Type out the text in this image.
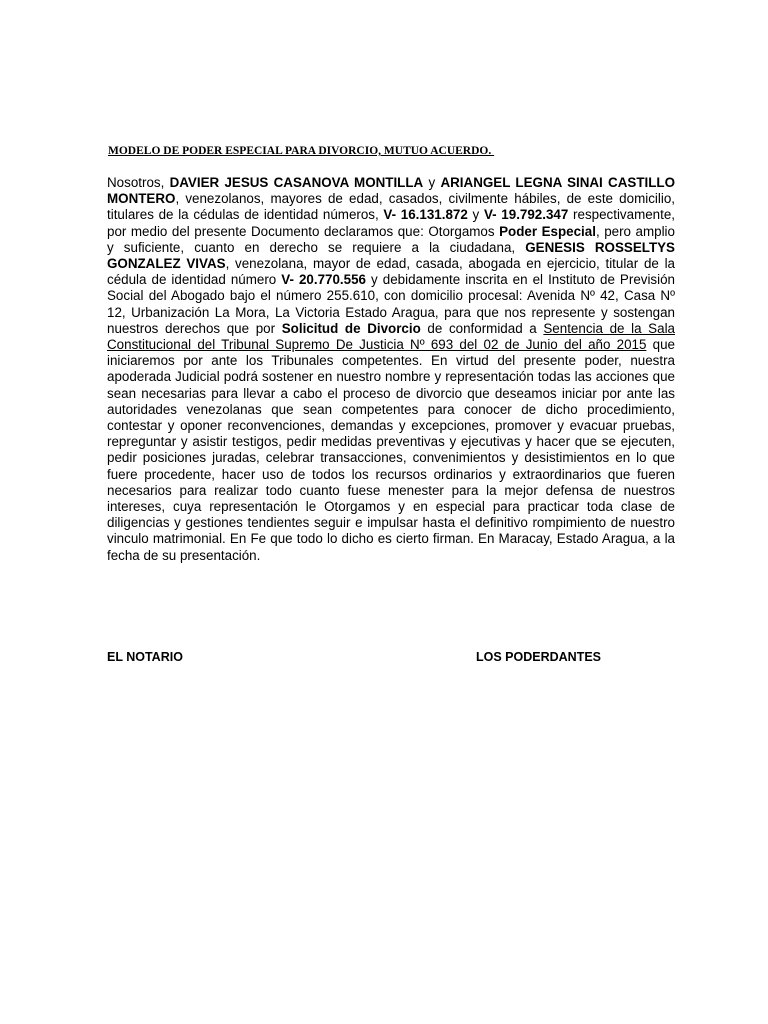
MODELO DE PODER ESPECIAL PARA DIVORCIO, MUTUO ACUERDO.

Nosotros, DAVIER JESUS CASANOVA MONTILLA y ARIANGEL LEGNA SINAI CASTILLO MONTERO, venezolanos, mayores de edad, casados, civilmente hábiles, de este domicilio, titulares de la cédulas de identidad números, V- 16.131.872 y V- 19.792.347 respectivamente, por medio del presente Documento declaramos que: Otorgamos Poder Especial, pero amplio y suficiente, cuanto en derecho se requiere a la ciudadana, GENESIS ROSSELTYS GONZALEZ VIVAS, venezolana, mayor de edad, casada, abogada en ejercicio, titular de la cédula de identidad número V- 20.770.556 y debidamente inscrita en el Instituto de Previsión Social del Abogado bajo el número 255.610, con domicilio procesal: Avenida Nº 42, Casa Nº 12, Urbanización La Mora, La Victoria Estado Aragua, para que nos represente y sostengan nuestros derechos que por Solicitud de Divorcio de conformidad a Sentencia de la Sala Constitucional del Tribunal Supremo De Justicia Nº 693 del 02 de Junio del año 2015 que iniciaremos por ante los Tribunales competentes. En virtud del presente poder, nuestra apoderada Judicial podrá sostener en nuestro nombre y representación todas las acciones que sean necesarias para llevar a cabo el proceso de divorcio que deseamos iniciar por ante las autoridades venezolanas que sean competentes para conocer de dicho procedimiento, contestar y oponer reconvenciones, demandas y excepciones, promover y evacuar pruebas, repreguntar y asistir testigos, pedir medidas preventivas y ejecutivas y hacer que se ejecuten, pedir posiciones juradas, celebrar transacciones, convenimientos y desistimientos en lo que fuere procedente, hacer uso de todos los recursos ordinarios y extraordinarios que fueren necesarios para realizar todo cuanto fuese menester para la mejor defensa de nuestros intereses, cuya representación le Otorgamos y en especial para practicar toda clase de diligencias y gestiones tendientes seguir e impulsar hasta el definitivo rompimiento de nuestro vinculo matrimonial. En Fe que todo lo dicho es cierto firman. En Maracay, Estado Aragua, a la fecha de su presentación.

EL NOTARIO	LOS PODERDANTES
